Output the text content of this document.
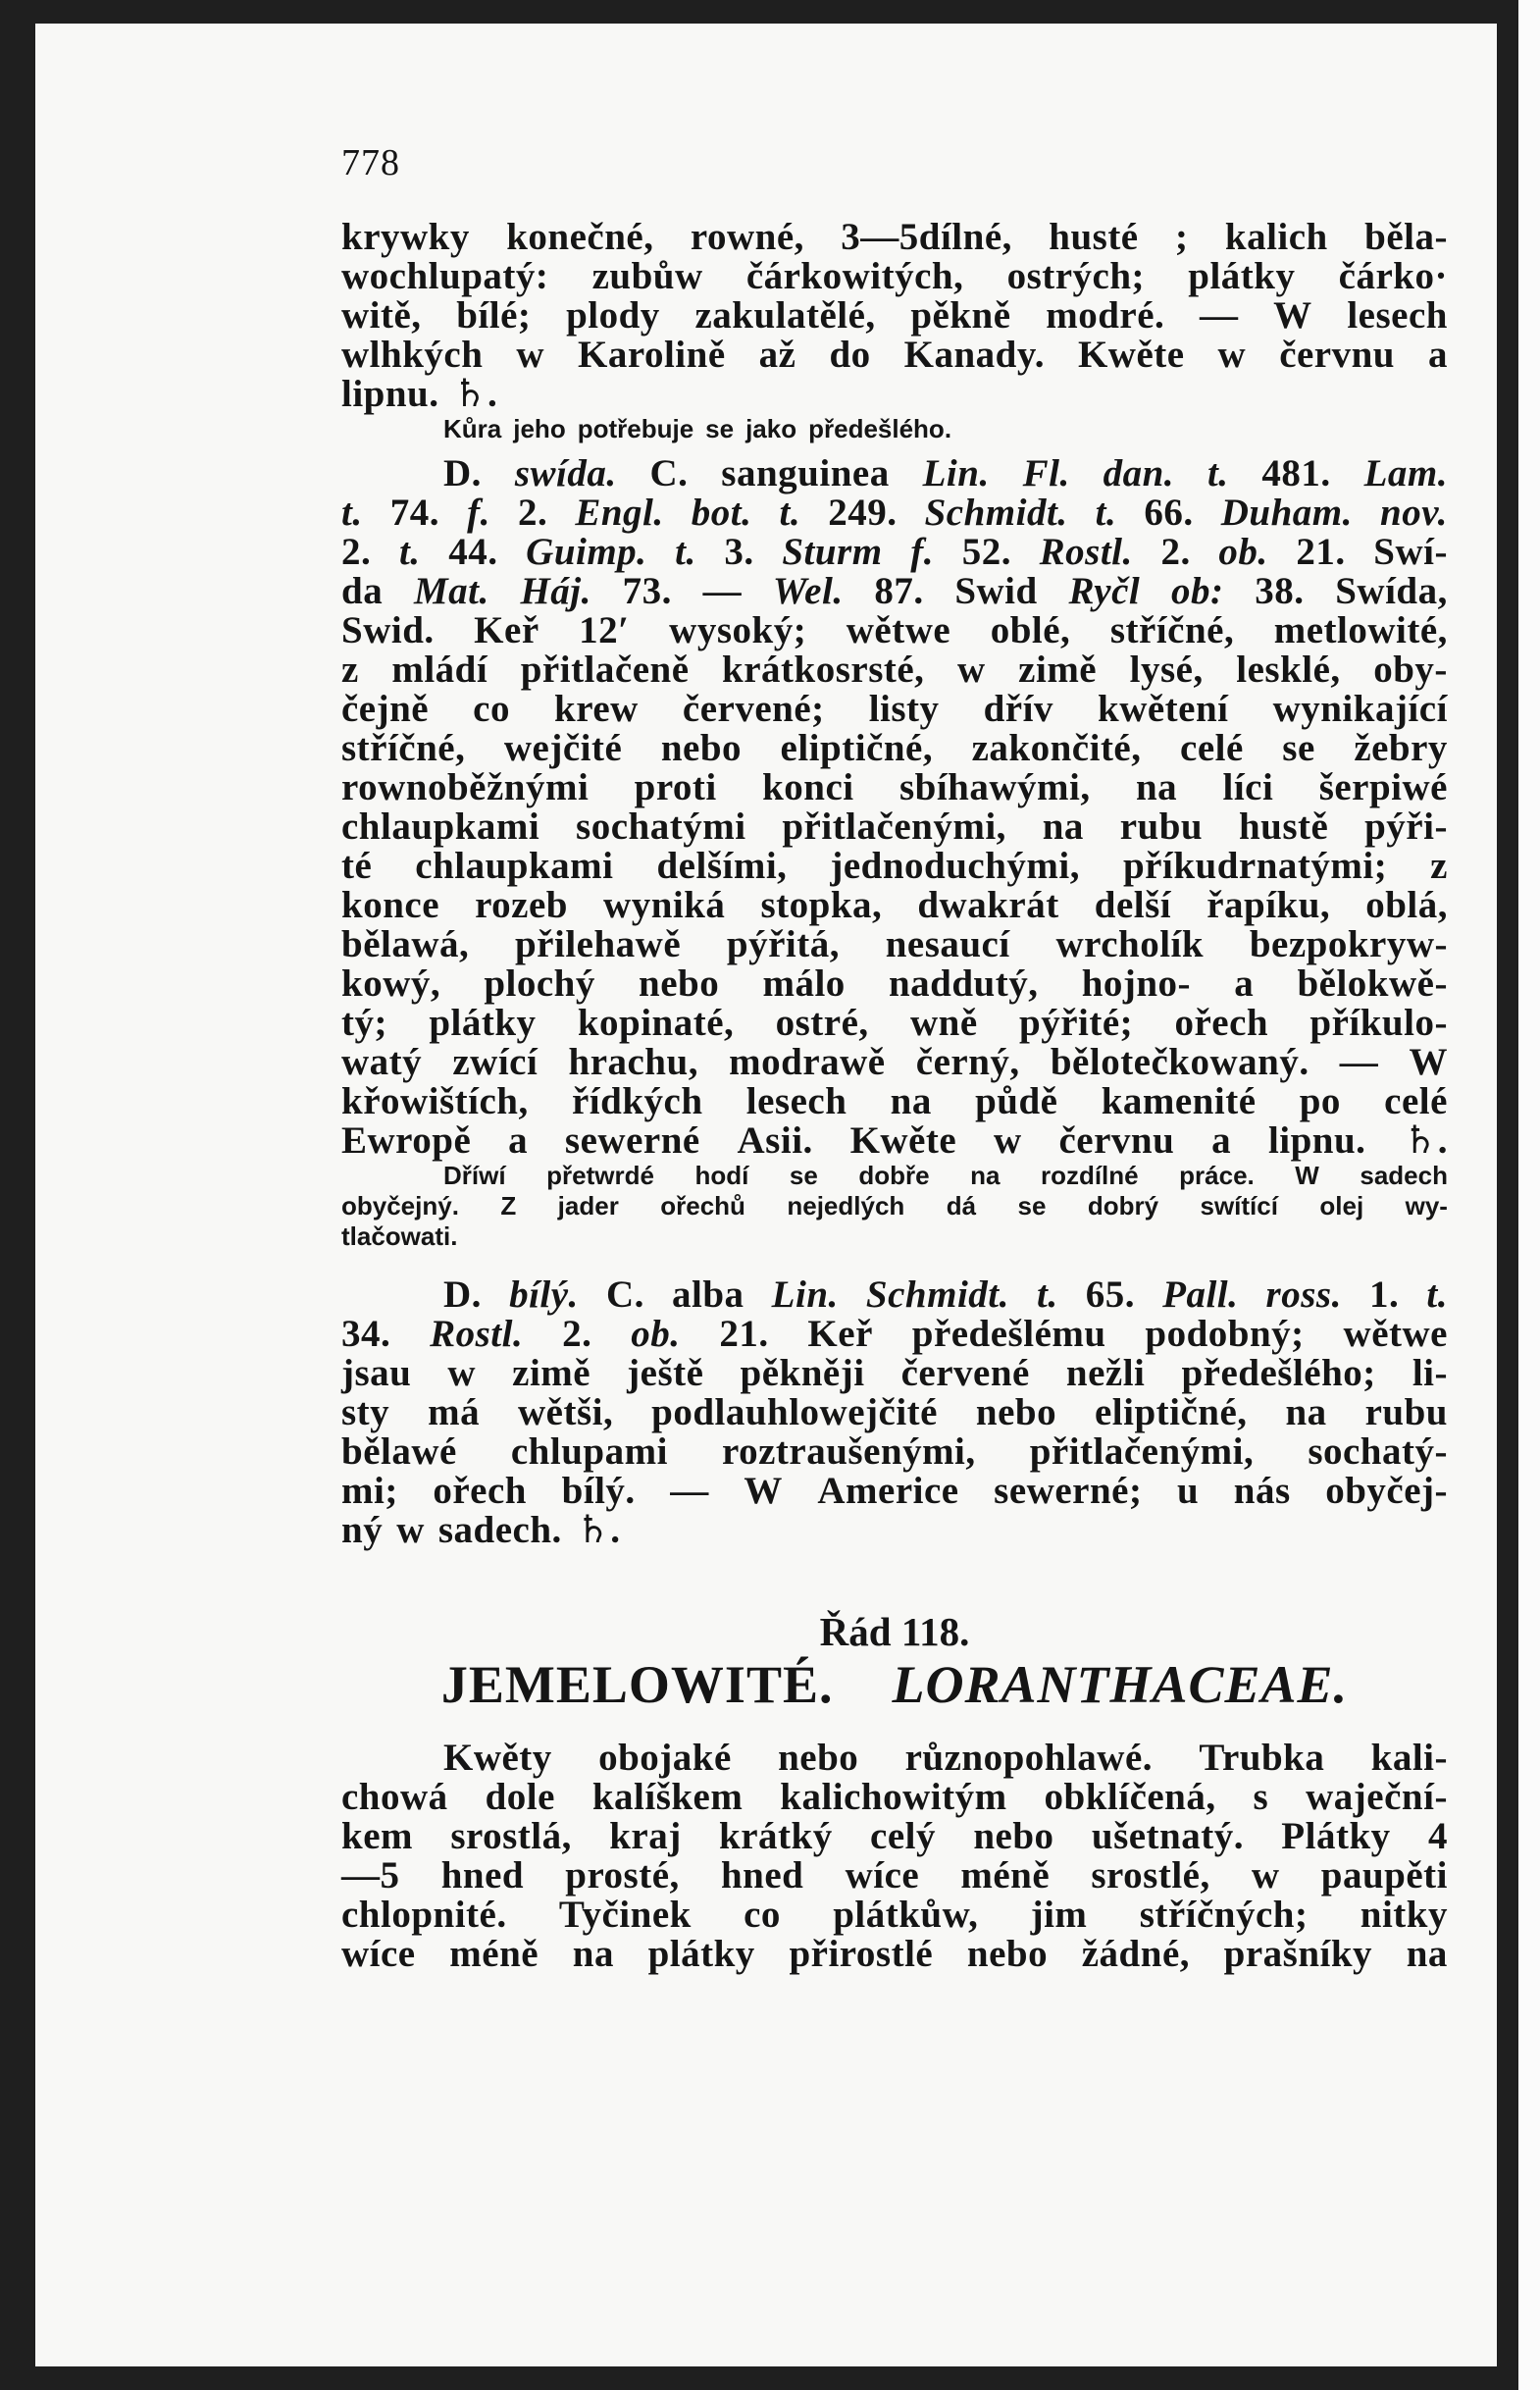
778
krywky konečné, rowné, 3—5dílné, husté ; kalich běla-
wochlupatý: zubůw čárkowitých, ostrých; plátky čárko·
witě, bílé; plody zakulatělé, pěkně modré. — W lesech
wlhkých w Karolině až do Kanady. Kwěte w červnu a
lipnu. ♄.
Kůra jeho potřebuje se jako předešlého.
D. swída. C. sanguinea Lin. Fl. dan. t. 481. Lam.
t. 74. f. 2. Engl. bot. t. 249. Schmidt. t. 66. Duham. nov.
2. t. 44. Guimp. t. 3. Sturm f. 52. Rostl. 2. ob. 21. Swí-
da Mat. Háj. 73. — Wel. 87. Swid Ryčl ob: 38. Swída,
Swid. Keř 12′ wysoký; wětwe oblé, stříčné, metlowité,
z mládí přitlačeně krátkosrsté, w zimě lysé, lesklé, oby-
čejně co krew červené; listy dřív kwětení wynikající
stříčné, wejčité nebo eliptičné, zakončité, celé se žebry
rownoběžnými proti konci sbíhawými, na líci šerpiwé
chlaupkami sochatými přitlačenými, na rubu hustě pýři-
té chlaupkami delšími, jednoduchými, příkudrnatými; z
konce rozeb wyniká stopka, dwakrát delší řapíku, oblá,
bělawá, přilehawě pýřitá, nesaucí wrcholík bezpokryw-
kowý, plochý nebo málo naddutý, hojno- a bělokwě-
tý; plátky kopinaté, ostré, wně pýřité; ořech příkulo-
watý zwící hrachu, modrawě černý, bělotečkowaný. — W
křowištích, řídkých lesech na půdě kamenité po celé
Ewropě a sewerné Asii. Kwěte w červnu a lipnu. ♄.
Dříwí přetwrdé hodí se dobře na rozdílné práce. W sadech
obyčejný. Z jader ořechů nejedlých dá se dobrý swítící olej wy-
tlačowati.
D. bílý. C. alba Lin. Schmidt. t. 65. Pall. ross. 1. t.
34. Rostl. 2. ob. 21. Keř předešlému podobný; wětwe
jsau w zimě ještě pěkněji červené nežli předešlého; li-
sty má wětši, podlauhlowejčité nebo eliptičné, na rubu
bělawé chlupami roztraušenými, přitlačenými, sochatý-
mi; ořech bílý. — W Americe sewerné; u nás obyčej-
ný w sadech. ♄.
Řád 118.
JEMELOWITÉ. LORANTHACEAE.
Kwěty obojaké nebo různopohlawé. Trubka kali-
chowá dole kalíškem kalichowitým obklíčená, s waječní-
kem srostlá, kraj krátký celý nebo ušetnatý. Plátky 4
—5 hned prosté, hned wíce méně srostlé, w paupěti
chlopnité. Tyčinek co plátkůw, jim stříčných; nitky
wíce méně na plátky přirostlé nebo žádné, prašníky na
